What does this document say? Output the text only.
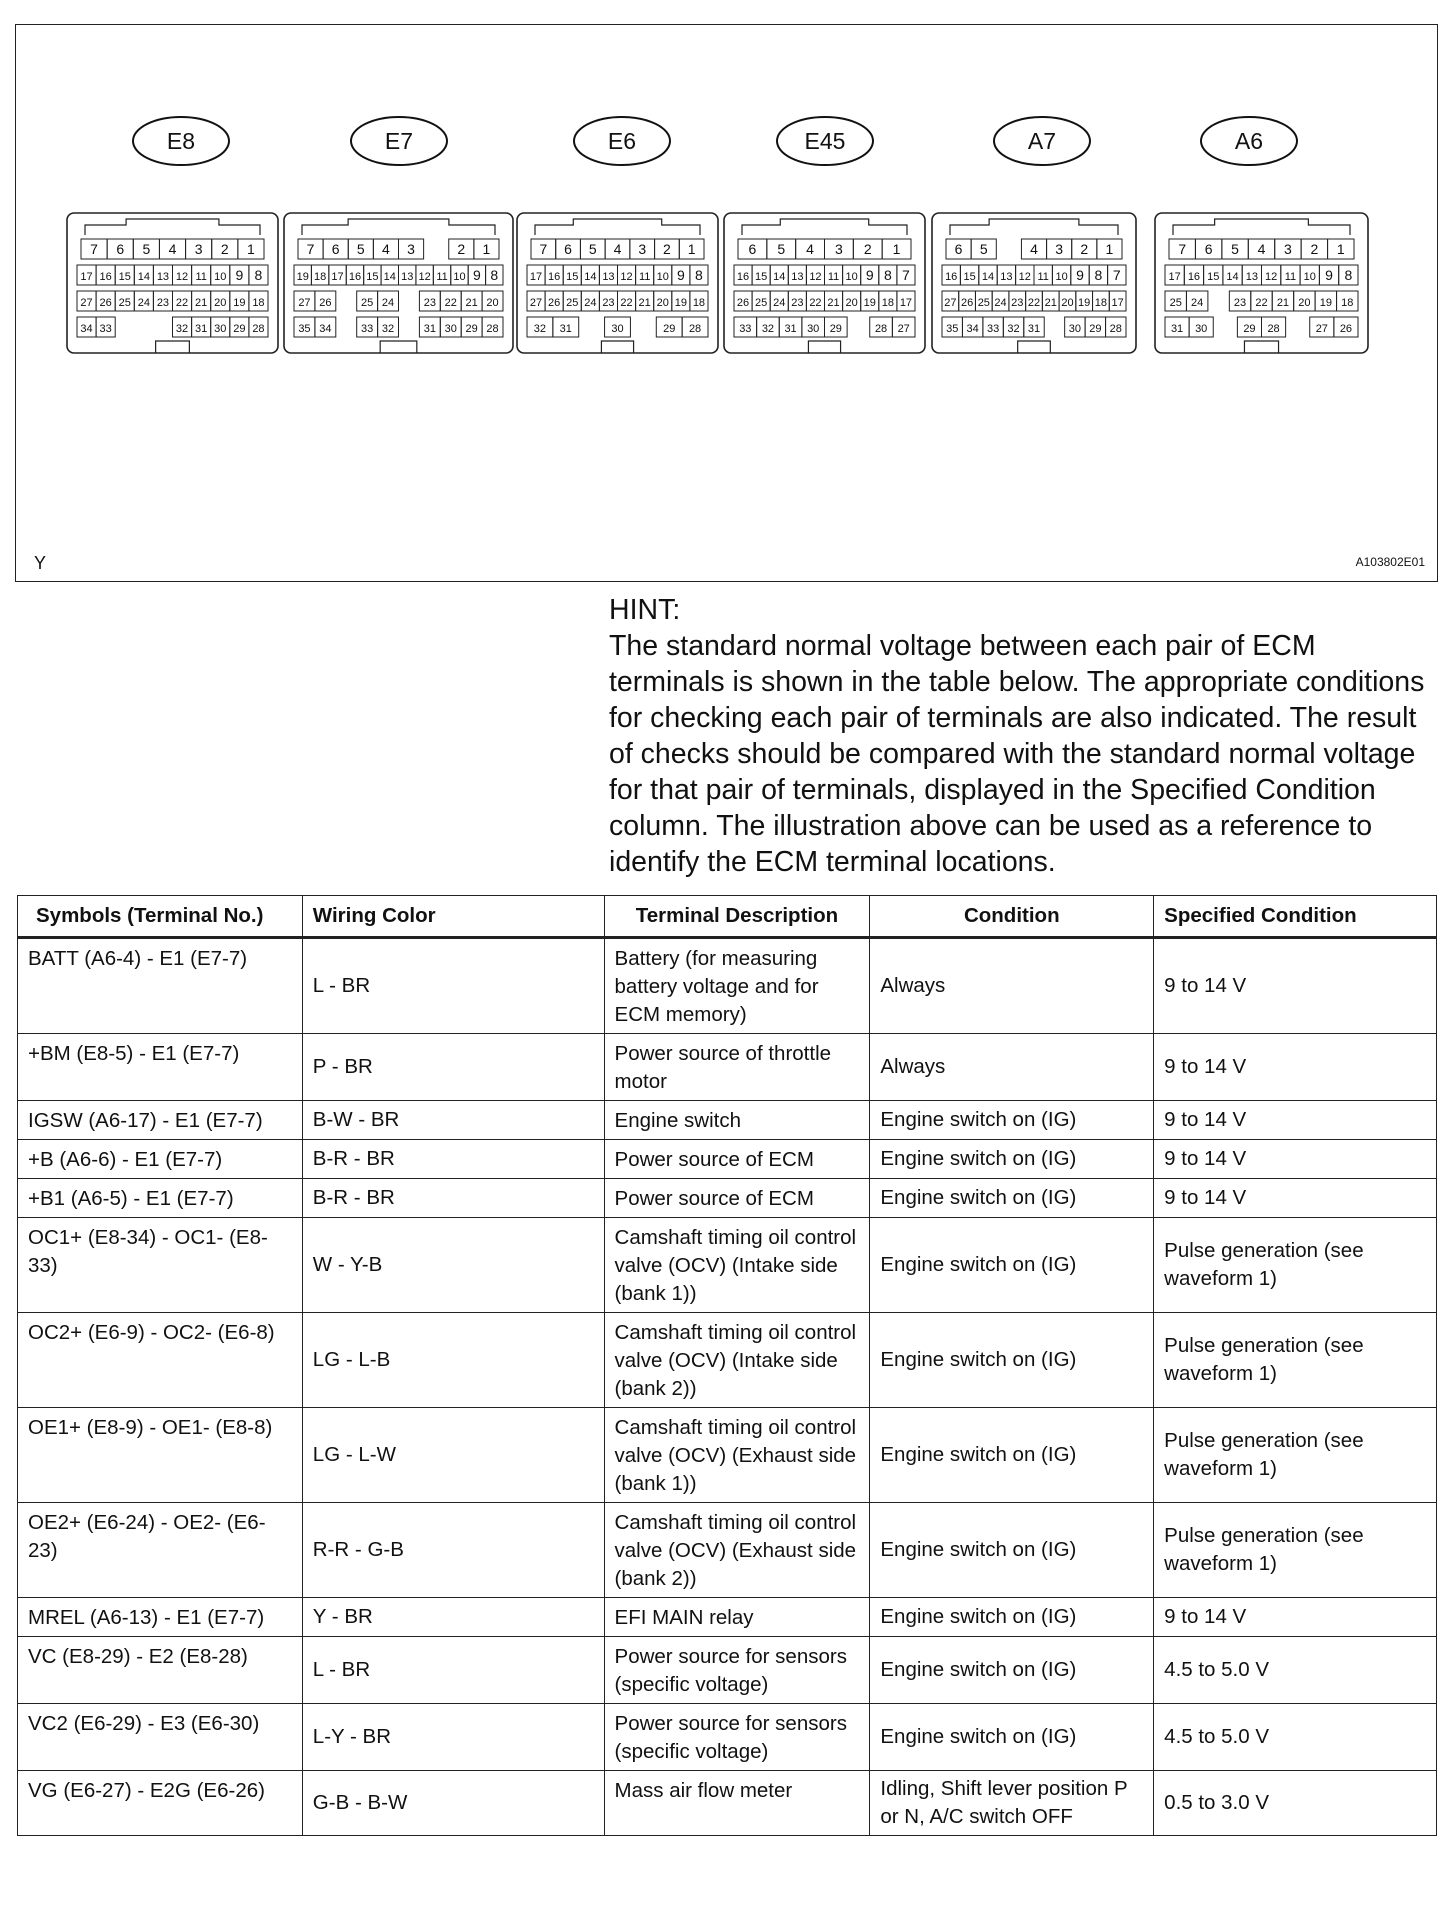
E8
7 6 5 4 3 2 1
17 16 15 14 13 12 11 10 9 8
27 26 25 24 23 22 21 20 19 18
34 33	32 31 30 29 28
E7
7 6 5 4 3	2 1
19 18 17 16 15 14 13 12 11 10 9 8
27 26	25 24	23 22 21 20
35 34	33 32	31 30 29 28
E6
7 6 5 4 3 2 1
17 16 15 14 13 12 11 10 9 8
27 26 25 24 23 22 21 20 19 18
32 31	30	29 28
E45
6 5 4 3 2 1
16 15 14 13 12 11 10 9 8 7
26 25 24 23 22 21 20 19 18 17
33 32 31 30 29	28 27
A7
6 5	4 3 2 1
16 15 14 13 12 11 10 9 8 7
27 26 25 24 23 22 21 20 19 18 17
35 34 33 32 31	30 29 28
A6
7 6 5 4 3 2 1
17 16 15 14 13 12 11 10 9 8
25 24	23 22 21 20 19 18
31 30	29 28	27 26
Y	A103802E01
HINT:
The standard normal voltage between each pair of ECM terminals is shown in the table below. The appropriate conditions for checking each pair of terminals are also indicated. The result of checks should be compared with the standard normal voltage for that pair of terminals, displayed in the Specified Condition column. The illustration above can be used as a reference to identify the ECM terminal locations.
Symbols (Terminal No.)	Wiring Color	Terminal Description	Condition	Specified Condition
BATT (A6-4) - E1 (E7-7)	L - BR	Battery (for measuring battery voltage and for ECM memory)	Always	9 to 14 V
+BM (E8-5) - E1 (E7-7)	P - BR	Power source of throttle motor	Always	9 to 14 V
IGSW (A6-17) - E1 (E7-7)	B-W - BR	Engine switch	Engine switch on (IG)	9 to 14 V
+B (A6-6) - E1 (E7-7)	B-R - BR	Power source of ECM	Engine switch on (IG)	9 to 14 V
+B1 (A6-5) - E1 (E7-7)	B-R - BR	Power source of ECM	Engine switch on (IG)	9 to 14 V
OC1+ (E8-34) - OC1- (E8-33)	W - Y-B	Camshaft timing oil control valve (OCV) (Intake side (bank 1))	Engine switch on (IG)	Pulse generation (see waveform 1)
OC2+ (E6-9) - OC2- (E6-8)	LG - L-B	Camshaft timing oil control valve (OCV) (Intake side (bank 2))	Engine switch on (IG)	Pulse generation (see waveform 1)
OE1+ (E8-9) - OE1- (E8-8)	LG - L-W	Camshaft timing oil control valve (OCV) (Exhaust side (bank 1))	Engine switch on (IG)	Pulse generation (see waveform 1)
OE2+ (E6-24) - OE2- (E6-23)	R-R - G-B	Camshaft timing oil control valve (OCV) (Exhaust side (bank 2))	Engine switch on (IG)	Pulse generation (see waveform 1)
MREL (A6-13) - E1 (E7-7)	Y - BR	EFI MAIN relay	Engine switch on (IG)	9 to 14 V
VC (E8-29) - E2 (E8-28)	L - BR	Power source for sensors (specific voltage)	Engine switch on (IG)	4.5 to 5.0 V
VC2 (E6-29) - E3 (E6-30)	L-Y - BR	Power source for sensors (specific voltage)	Engine switch on (IG)	4.5 to 5.0 V
VG (E6-27) - E2G (E6-26)	G-B - B-W	Mass air flow meter	Idling, Shift lever position P or N, A/C switch OFF	0.5 to 3.0 V
